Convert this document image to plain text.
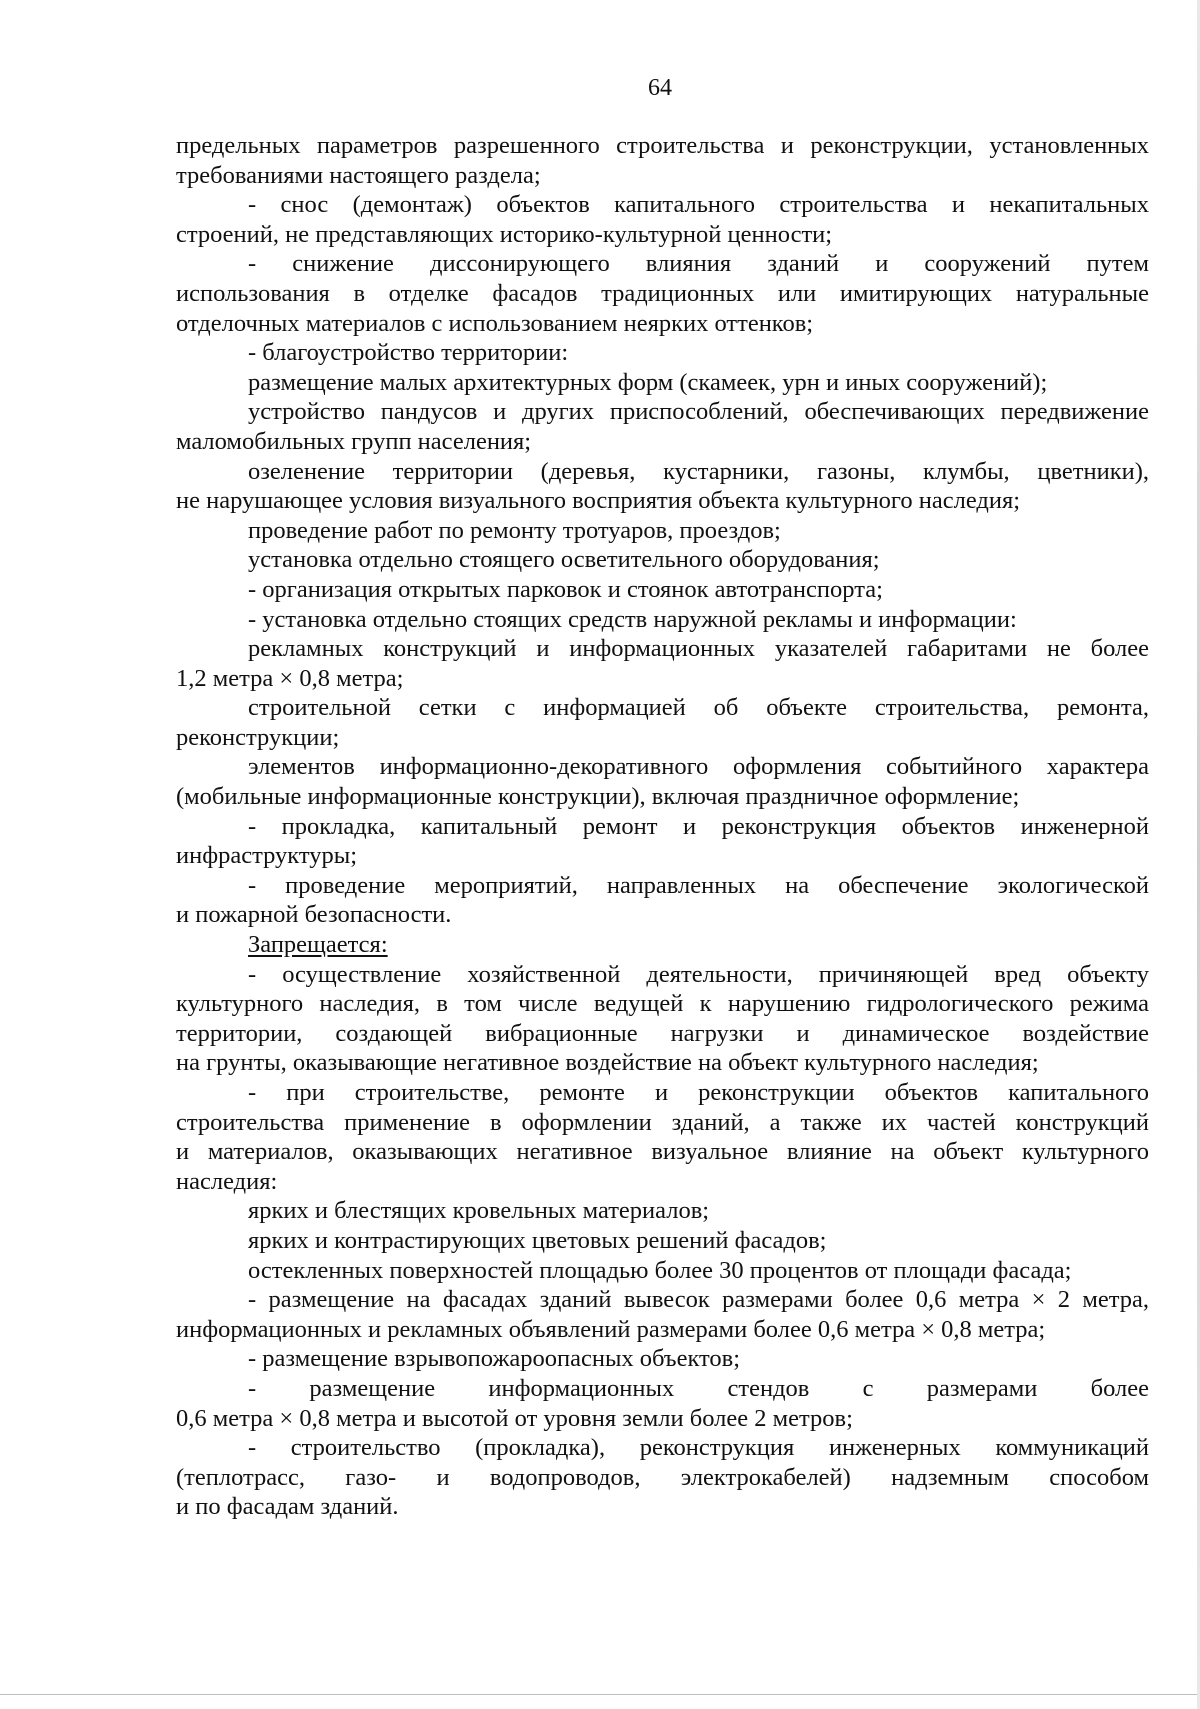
64
предельных параметров разрешенного строительства и реконструкции, установленных
требованиями настоящего раздела;
- снос (демонтаж) объектов капитального строительства и некапитальных
строений, не представляющих историко-культурной ценности;
- снижение диссонирующего влияния зданий и сооружений путем
использования в отделке фасадов традиционных или имитирующих натуральные
отделочных материалов с использованием неярких оттенков;
- благоустройство территории:
размещение малых архитектурных форм (скамеек, урн и иных сооружений);
устройство пандусов и других приспособлений, обеспечивающих передвижение
маломобильных групп населения;
озеленение территории (деревья, кустарники, газоны, клумбы, цветники),
не нарушающее условия визуального восприятия объекта культурного наследия;
проведение работ по ремонту тротуаров, проездов;
установка отдельно стоящего осветительного оборудования;
- организация открытых парковок и стоянок автотранспорта;
- установка отдельно стоящих средств наружной рекламы и информации:
рекламных конструкций и информационных указателей габаритами не более
1,2 метра × 0,8 метра;
строительной сетки с информацией об объекте строительства, ремонта,
реконструкции;
элементов информационно-декоративного оформления событийного характера
(мобильные информационные конструкции), включая праздничное оформление;
- прокладка, капитальный ремонт и реконструкция объектов инженерной
инфраструктуры;
- проведение мероприятий, направленных на обеспечение экологической
и пожарной безопасности.
Запрещается:
- осуществление хозяйственной деятельности, причиняющей вред объекту
культурного наследия, в том числе ведущей к нарушению гидрологического режима
территории, создающей вибрационные нагрузки и динамическое воздействие
на грунты, оказывающие негативное воздействие на объект культурного наследия;
- при строительстве, ремонте и реконструкции объектов капитального
строительства применение в оформлении зданий, а также их частей конструкций
и материалов, оказывающих негативное визуальное влияние на объект культурного
наследия:
ярких и блестящих кровельных материалов;
ярких и контрастирующих цветовых решений фасадов;
остекленных поверхностей площадью более 30 процентов от площади фасада;
- размещение на фасадах зданий вывесок размерами более 0,6 метра × 2 метра,
информационных и рекламных объявлений размерами более 0,6 метра × 0,8 метра;
- размещение взрывопожароопасных объектов;
- размещение информационных стендов с размерами более
0,6 метра × 0,8 метра и высотой от уровня земли более 2 метров;
- строительство (прокладка), реконструкция инженерных коммуникаций
(теплотрасс, газо- и водопроводов, электрокабелей) надземным способом
и по фасадам зданий.
